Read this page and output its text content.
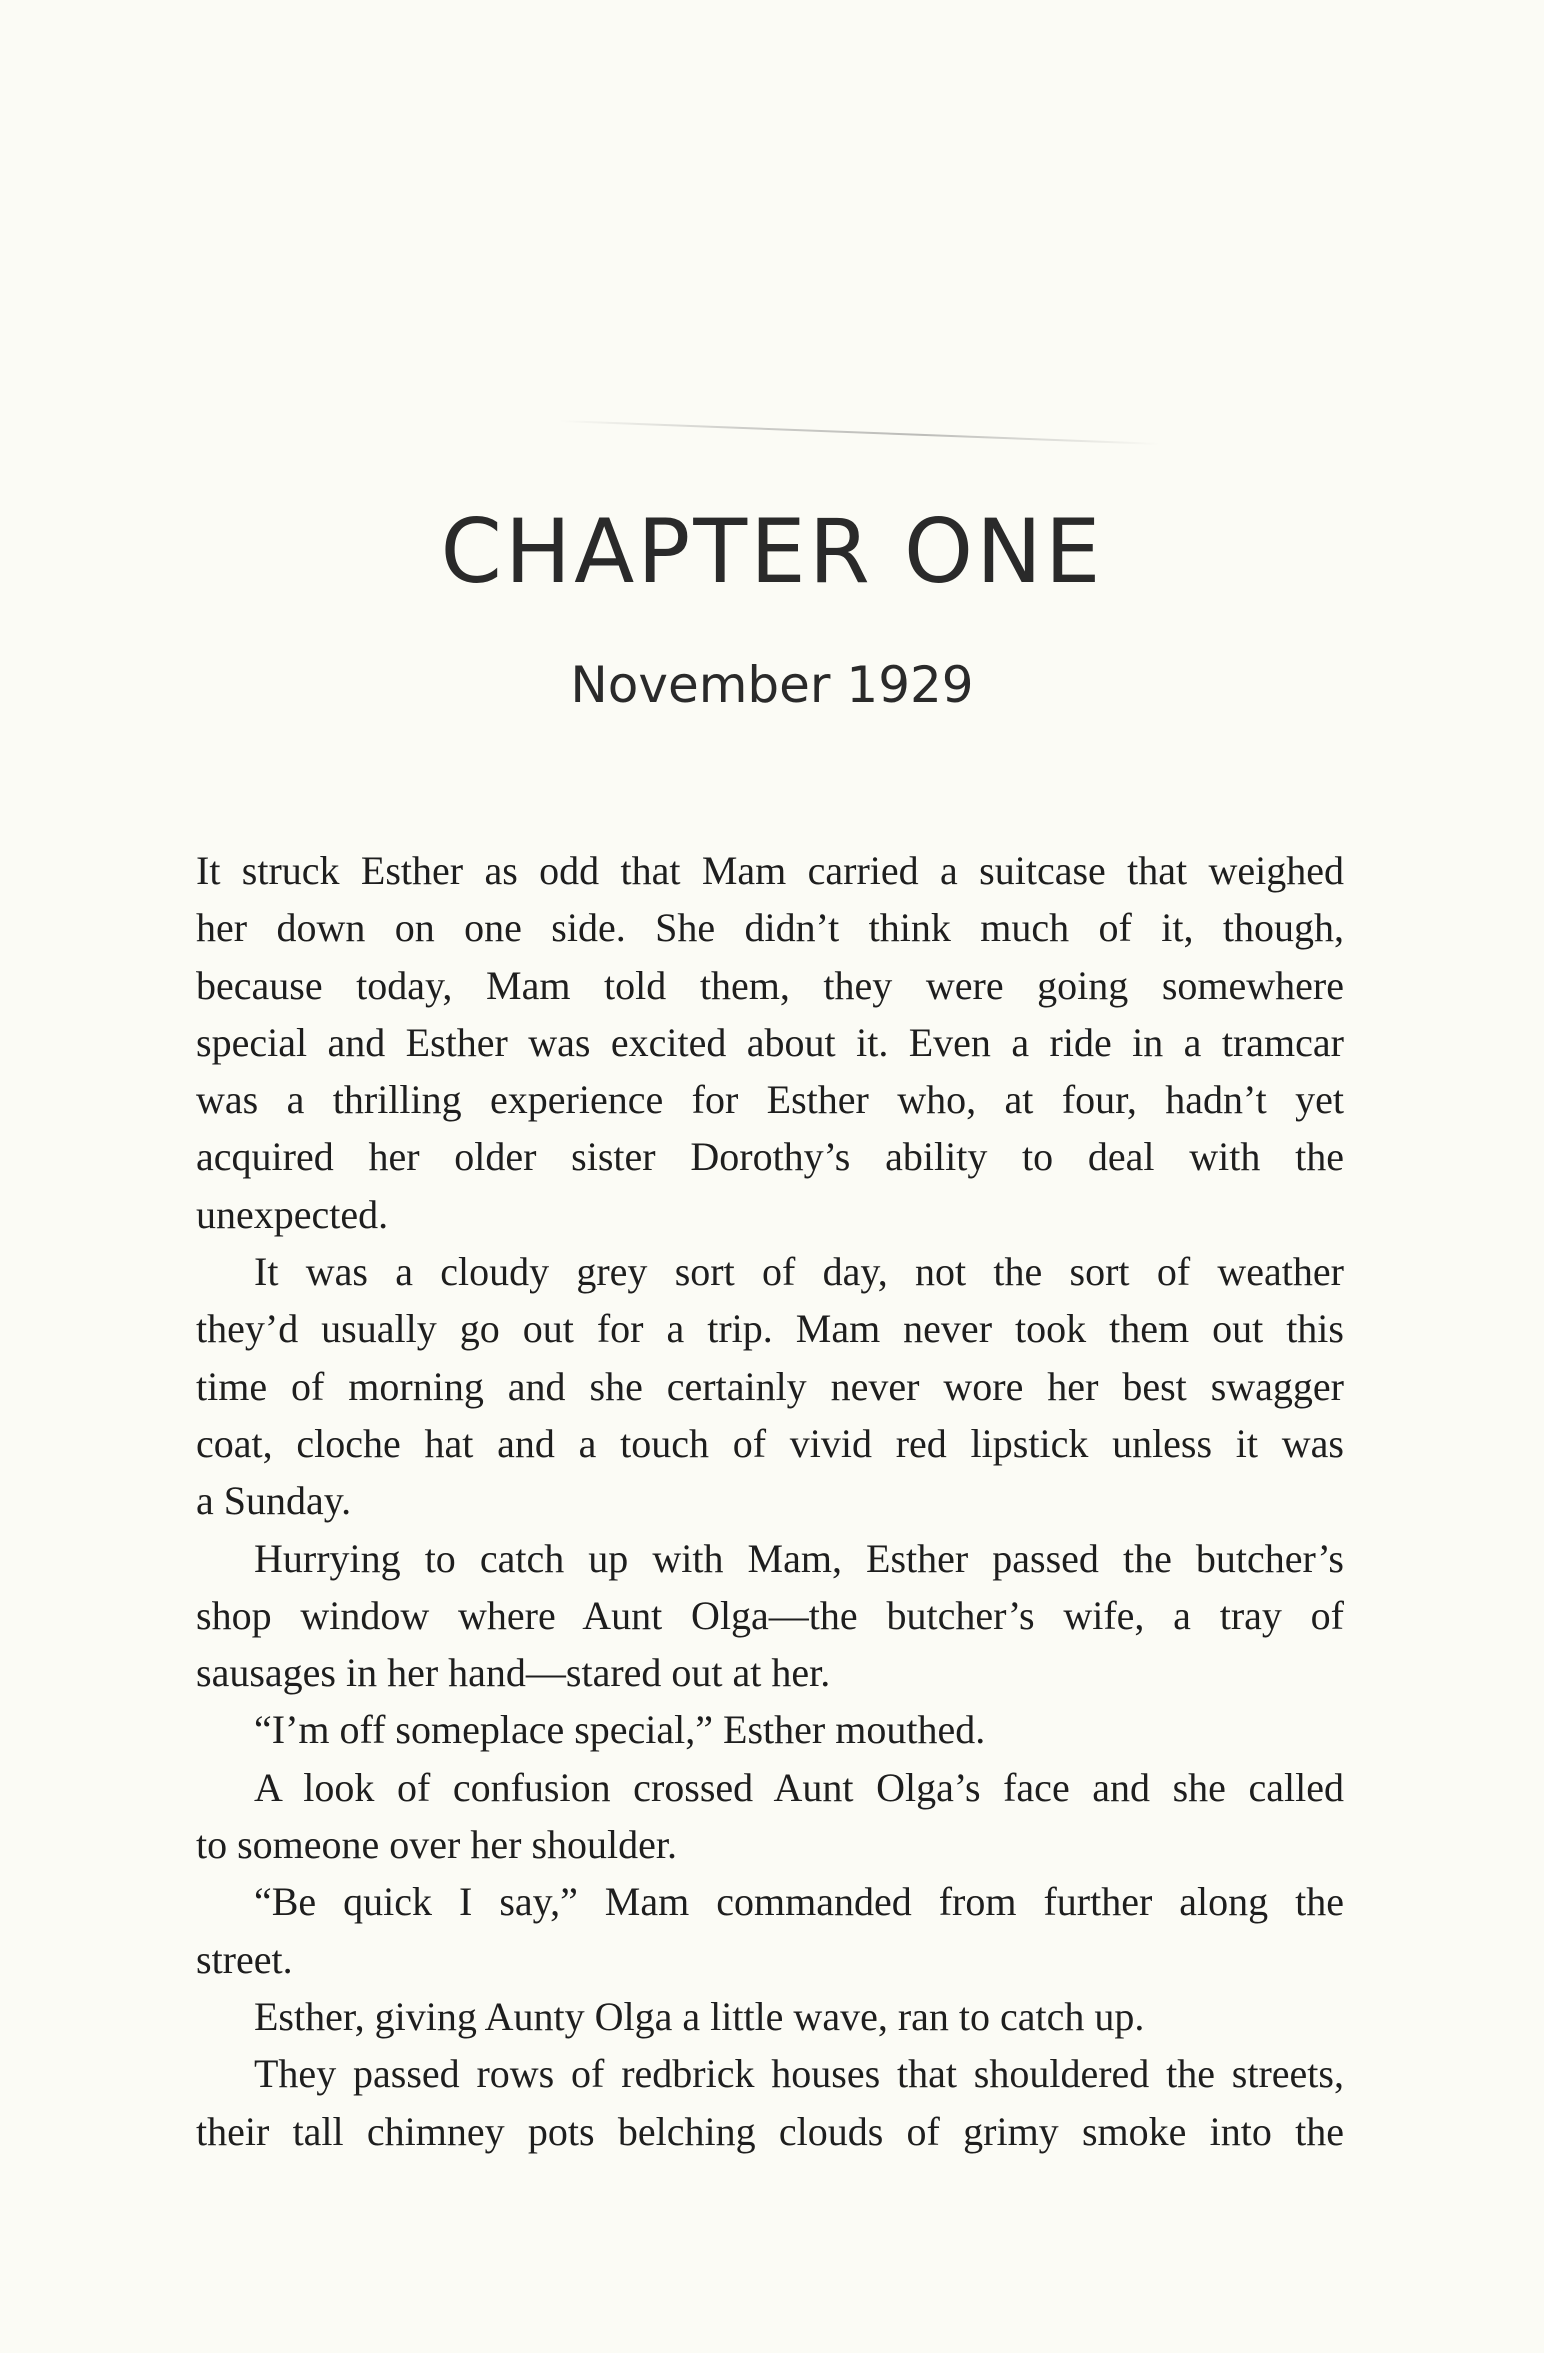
CHAPTER ONE
November 1929
It struck Esther as odd that Mam carried a suitcase that weighed
her down on one side. She didn’t think much of it, though,
because today, Mam told them, they were going somewhere
special and Esther was excited about it. Even a ride in a tramcar
was a thrilling experience for Esther who, at four, hadn’t yet
acquired her older sister Dorothy’s ability to deal with the
unexpected.
It was a cloudy grey sort of day, not the sort of weather
they’d usually go out for a trip. Mam never took them out this
time of morning and she certainly never wore her best swagger
coat, cloche hat and a touch of vivid red lipstick unless it was
a Sunday.
Hurrying to catch up with Mam, Esther passed the butcher’s
shop window where Aunt Olga—the butcher’s wife, a tray of
sausages in her hand—stared out at her.
“I’m off someplace special,” Esther mouthed.
A look of confusion crossed Aunt Olga’s face and she called
to someone over her shoulder.
“Be quick I say,” Mam commanded from further along the
street.
Esther, giving Aunty Olga a little wave, ran to catch up.
They passed rows of redbrick houses that shouldered the streets,
their tall chimney pots belching clouds of grimy smoke into the
